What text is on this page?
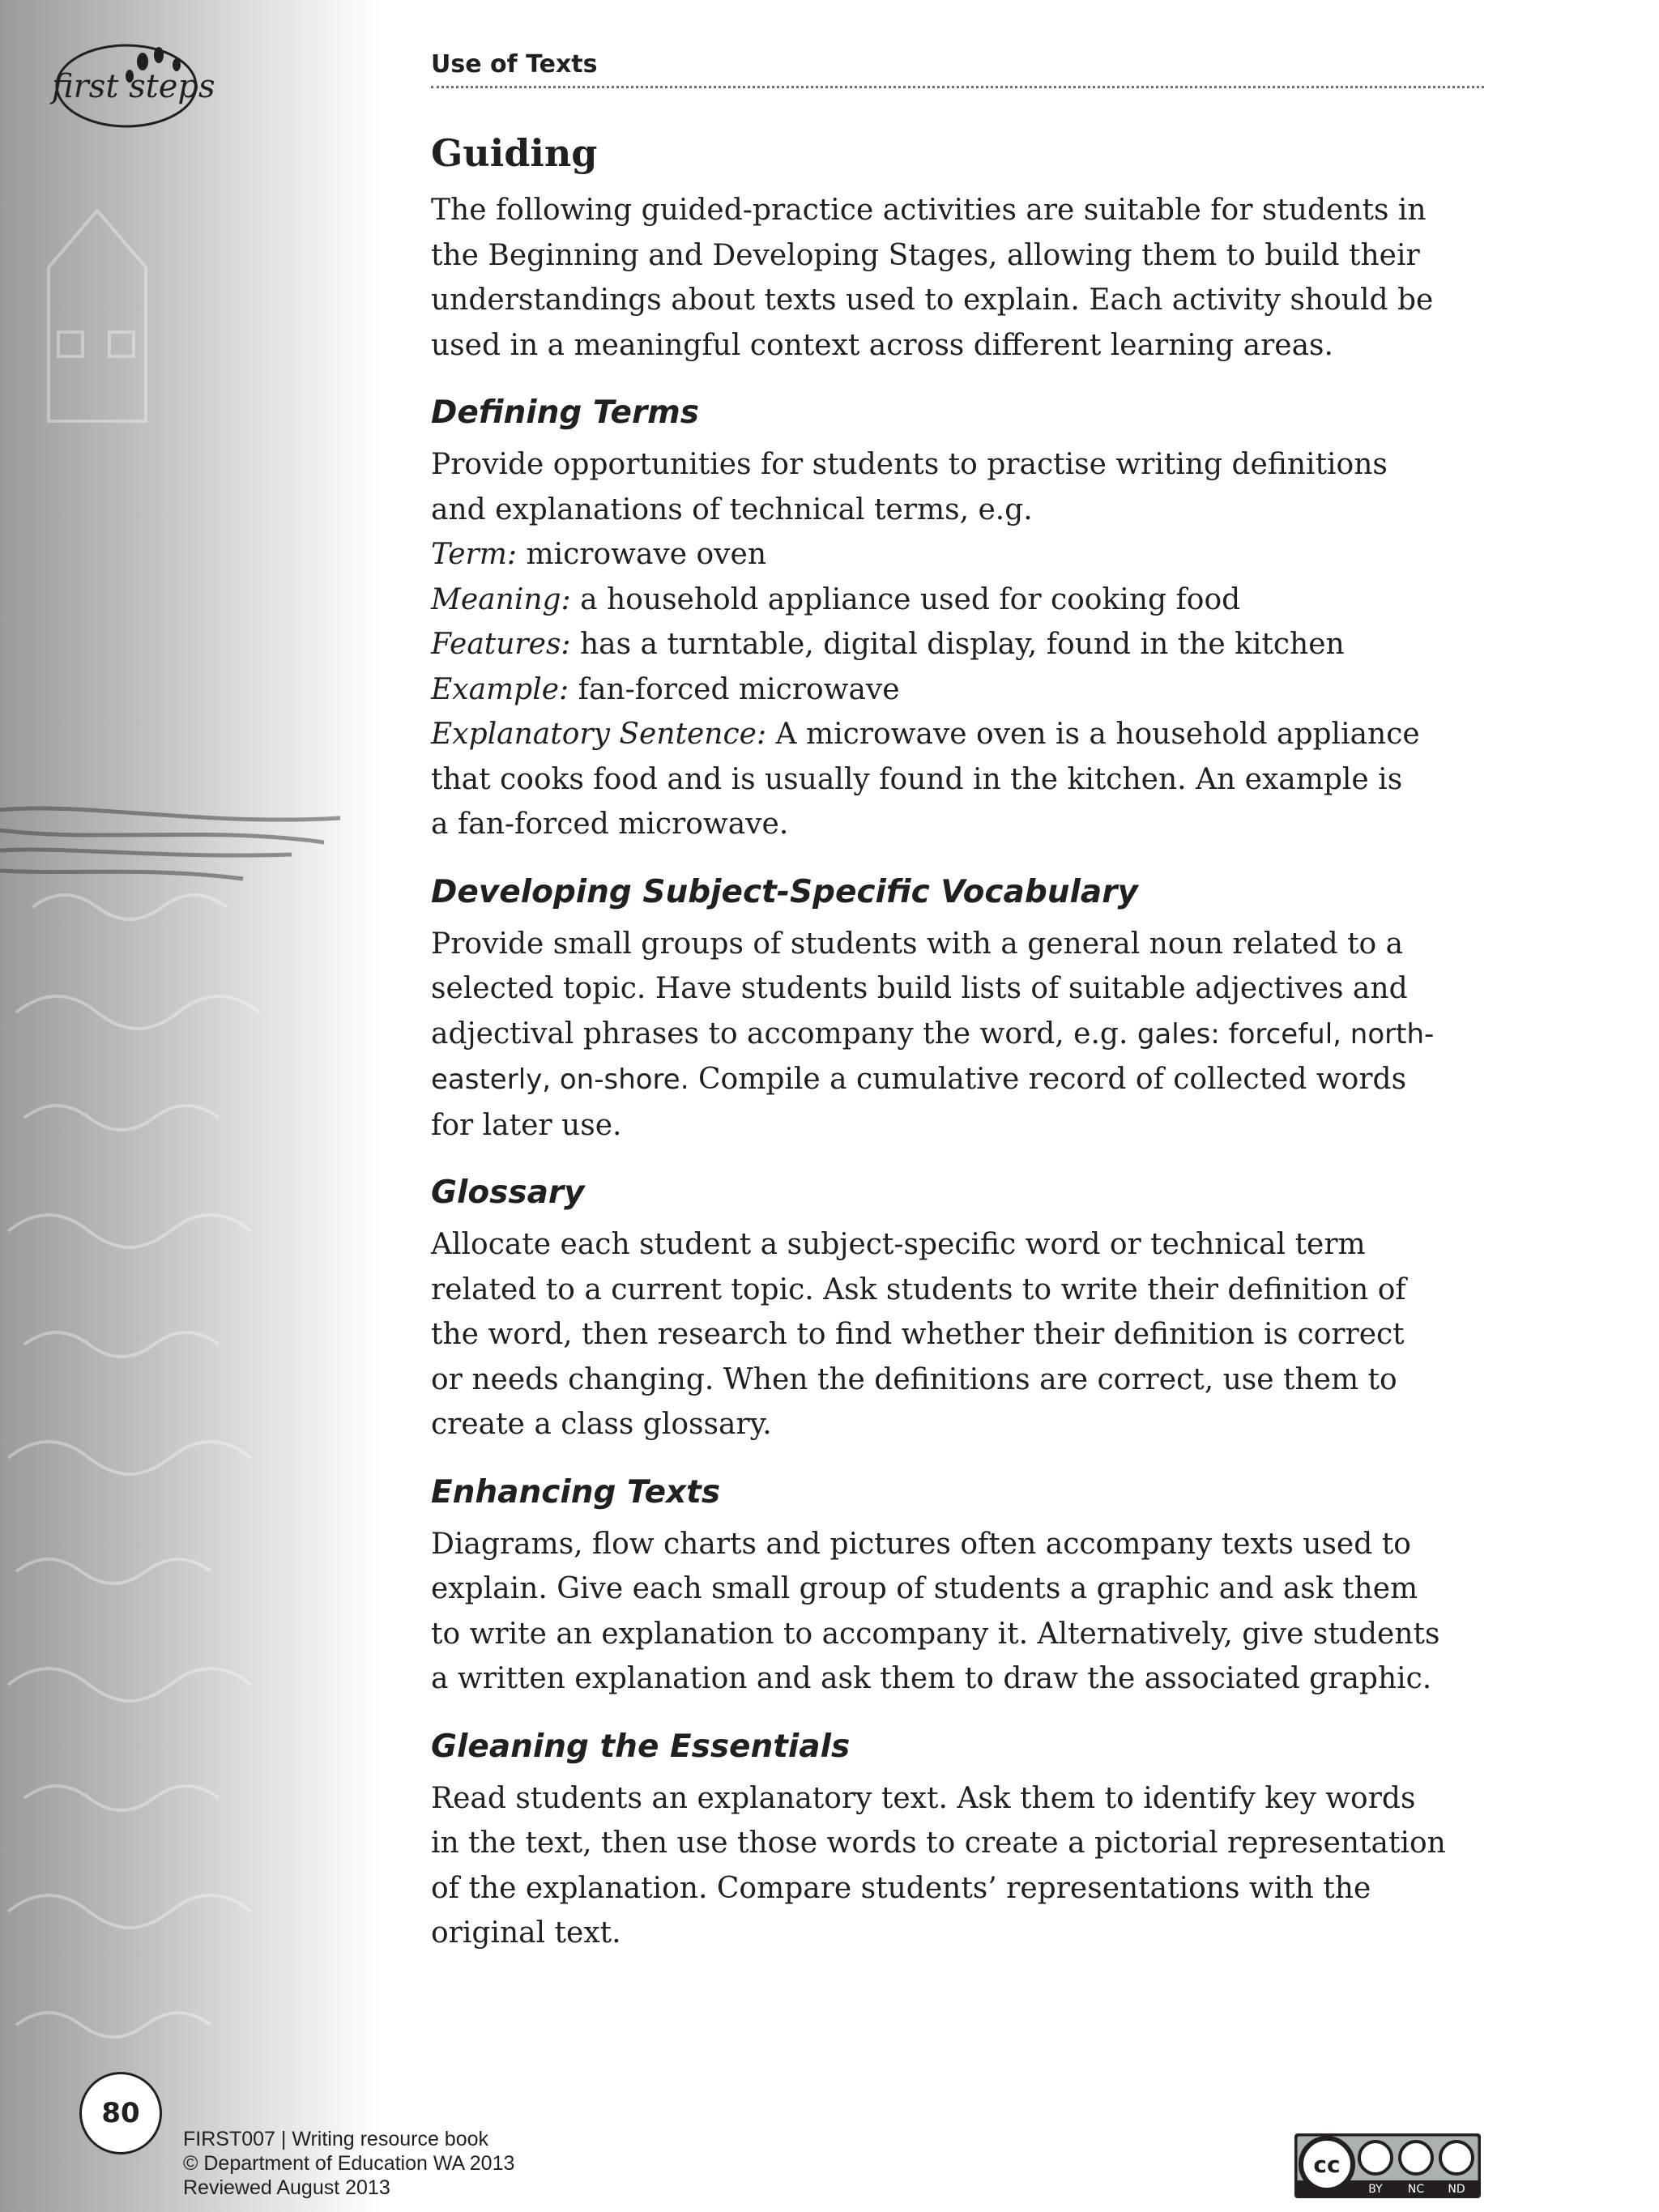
first steps
Use of Texts
Guiding

The following guided-practice activities are suitable for students in
the Beginning and Developing Stages, allowing them to build their
understandings about texts used to explain. Each activity should be
used in a meaningful context across different learning areas.

Defining Terms

Provide opportunities for students to practise writing definitions
and explanations of technical terms, e.g.
Term: microwave oven
Meaning: a household appliance used for cooking food
Features: has a turntable, digital display, found in the kitchen
Example: fan-forced microwave
Explanatory Sentence: A microwave oven is a household appliance
that cooks food and is usually found in the kitchen. An example is
a fan-forced microwave.

Developing Subject-Specific Vocabulary

Provide small groups of students with a general noun related to a
selected topic. Have students build lists of suitable adjectives and
adjectival phrases to accompany the word, e.g. gales: forceful, north-
easterly, on-shore. Compile a cumulative record of collected words
for later use.

Glossary

Allocate each student a subject-specific word or technical term
related to a current topic. Ask students to write their definition of
the word, then research to find whether their definition is correct
or needs changing. When the definitions are correct, use them to
create a class glossary.

Enhancing Texts

Diagrams, flow charts and pictures often accompany texts used to
explain. Give each small group of students a graphic and ask them
to write an explanation to accompany it. Alternatively, give students
a written explanation and ask them to draw the associated graphic.

Gleaning the Essentials

Read students an explanatory text. Ask them to identify key words
in the text, then use those words to create a pictorial representation
of the explanation. Compare students’ representations with the
original text.

80
FIRST007 | Writing resource book
© Department of Education WA 2013
Reviewed August 2013
cc
BY NC ND
